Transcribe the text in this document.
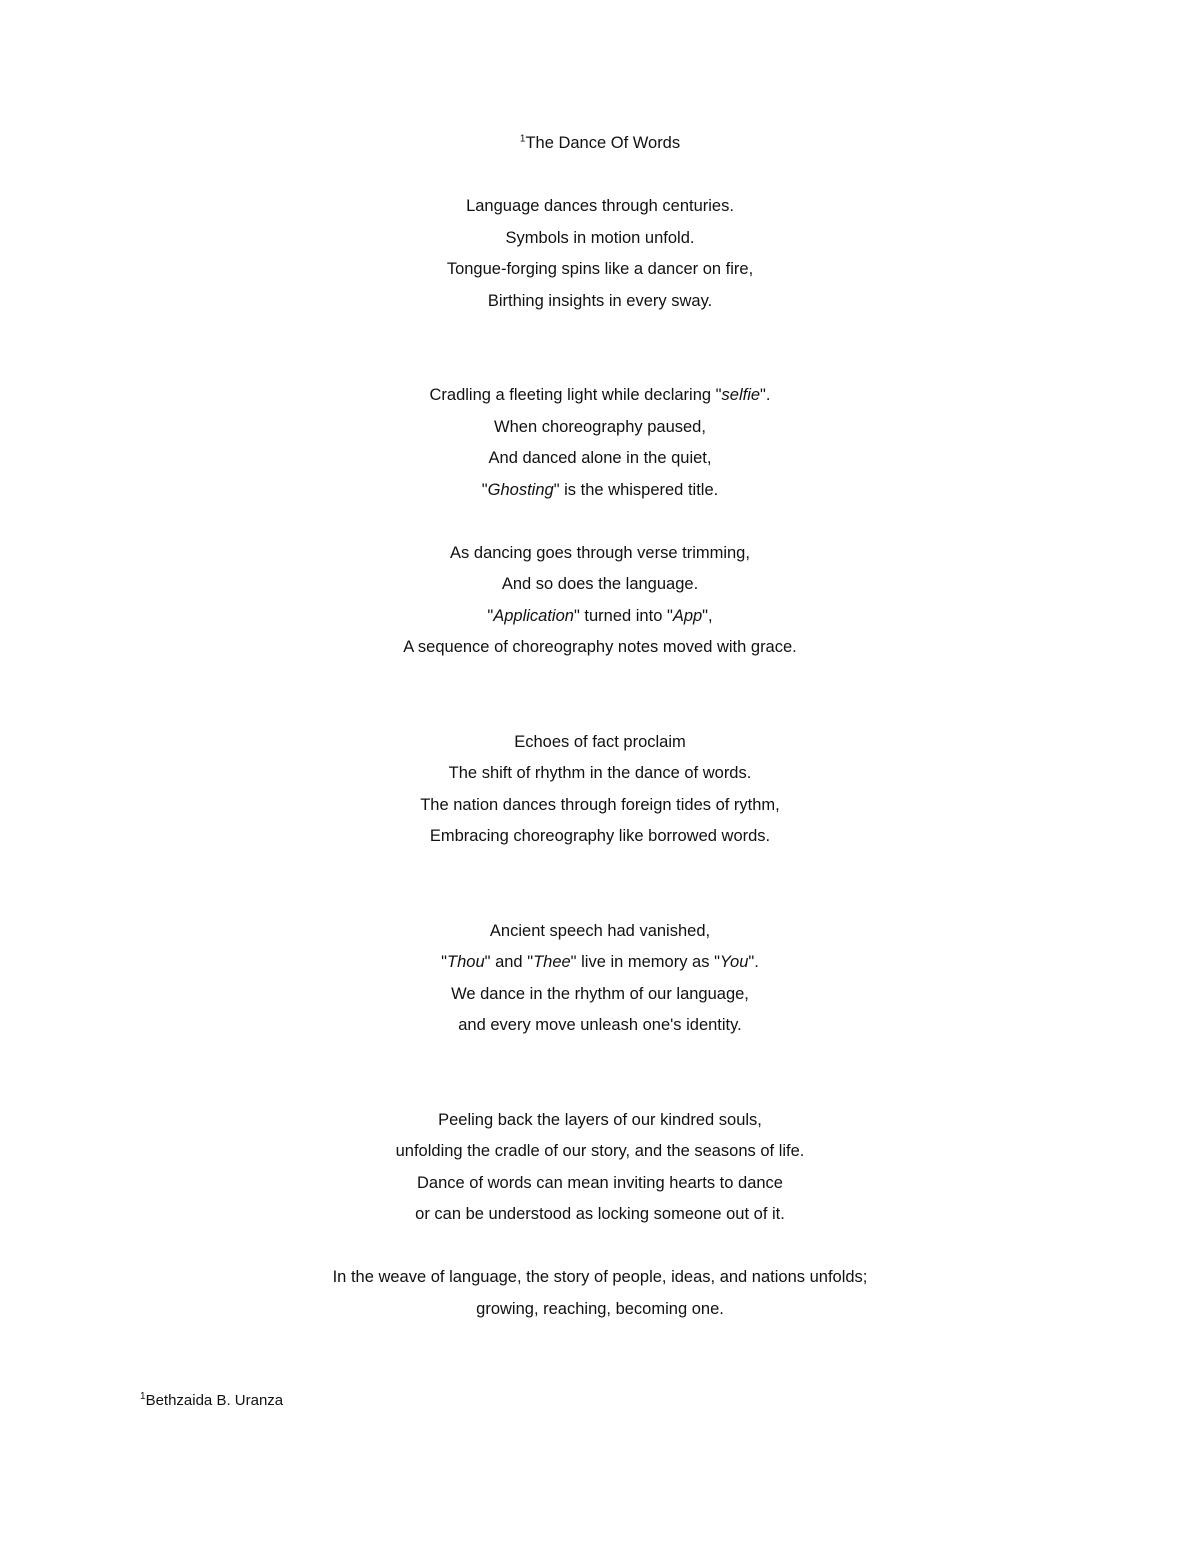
$^1$The Dance Of Words

Language dances through centuries.

Symbols in motion unfold.

Tongue-forging spins like a dancer on fire,

Birthing insights in every sway.

Cradling a fleeting light while declaring "selfie".

When choreography paused,

And danced alone in the quiet,

"Ghosting" is the whispered title.

As dancing goes through verse trimming,

And so does the language.

"Application" turned into "App",

A sequence of choreography notes moved with grace.

Echoes of fact proclaim

The shift of rhythm in the dance of words.

The nation dances through foreign tides of rythm,

Embracing choreography like borrowed words.

Ancient speech had vanished,

"Thou" and "Thee" live in memory as "You".

We dance in the rhythm of our language,

and every move unleash one's identity.

Peeling back the layers of our kindred souls,

unfolding the cradle of our story, and the seasons of life.

Dance of words can mean inviting hearts to dance

or can be understood as locking someone out of it.

In the weave of language, the story of people, ideas, and nations unfolds;

growing, reaching, becoming one.

$^1$Bethzaida B. Uranza
